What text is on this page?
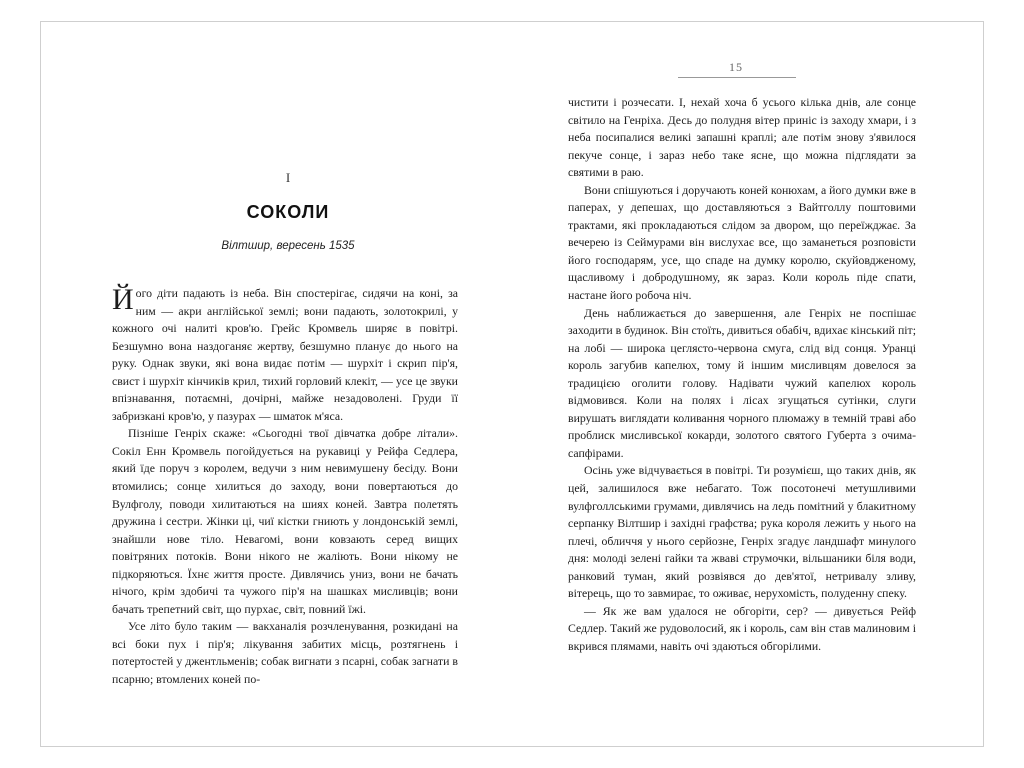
15
I
СОКОЛИ
Вілтшир, вересень 1535

Його діти падають із неба. Він спостерігає, сидячи на коні, за ним — акри англійської землі; вони падають, золотокрилі, у кожного очі налиті кров'ю. Грейс Кромвель ширяє в повітрі. Безшумно вона наздоганяє жертву, безшумно планує до нього на руку. Однак звуки, які вона видає потім — шурхіт і скрип пір'я, свист і шурхіт кінчиків крил, тихий горловий клекіт, — усе це звуки впізнавання, потаємні, дочірні, майже незадоволені. Груди її забризкані кров'ю, у пазурах — шматок м'яса.

Пізніше Генріх скаже: «Сьогодні твої дівчатка добре літали». Сокіл Енн Кромвель погойдується на рукавиці у Рейфа Седлера, який їде поруч з королем, ведучи з ним невимушену бесіду. Вони втомились; сонце хилиться до заходу, вони повертаються до Вулфголу, поводи хилитаються на шиях коней. Завтра полетять дружина і сестри. Жінки ці, чиї кістки гниють у лондонській землі, знайшли нове тіло. Невагомі, вони ковзають серед вищих повітряних потоків. Вони нікого не жаліють. Вони нікому не підкоряються. Їхнє життя просте. Дивлячись униз, вони не бачать нічого, крім здобичі та чужого пір'я на шашках мисливців; вони бачать трепетний світ, що пурхає, світ, повний їжі.

Усе літо було таким — вакханалія розчленування, розкидані на всі боки пух і пір'я; лікування забитих місць, розтягнень і потертостей у джентльменів; собак вигнати з псарні, собак загнати в псарню; втомлених коней по-

чистити і розчесати. І, нехай хоча б усього кілька днів, але сонце світило на Генріха. Десь до полудня вітер приніс із заходу хмари, і з неба посипалися великі запашні краплі; але потім знову з'явилося пекуче сонце, і зараз небо таке ясне, що можна підглядати за святими в раю.

Вони спішуються і доручають коней конюхам, а його думки вже в паперах, у депешах, що доставляються з Вайтголлу поштовими трактами, які прокладаються слідом за двором, що переїжджає. За вечерею із Сеймурами він вислухає все, що заманеться розповісти його господарям, усе, що спаде на думку королю, скуйовдженому, щасливому і добродушному, як зараз. Коли король піде спати, настане його робоча ніч.

День наближається до завершення, але Генріх не поспішає заходити в будинок. Він стоїть, дивиться обабіч, вдихає кінський піт; на лобі — широка цеглясто-червона смуга, слід від сонця. Уранці король загубив капелюх, тому й іншим мисливцям довелося за традицією оголити голову. Надівати чужий капелюх король відмовився. Коли на полях і лісах згущаться сутінки, слуги вирушать виглядати коливання чорного плюмажу в темній траві або проблиск мисливської кокарди, золотого святого Губерта з очима-сапфірами.

Осінь уже відчувається в повітрі. Ти розумієш, що таких днів, як цей, залишилося вже небагато. Тож посотонечі метушливими вулфголлськими грумами, дивлячись на ледь помітний у блакитному серпанку Вілтшир і західні графства; рука короля лежить у нього на плечі, обличчя у нього серйозне, Генріх згадує ландшафт минулого дня: молоді зелені гайки та жваві струмочки, вільшаники біля води, ранковий туман, який розвіявся до дев'ятої, нетривалу зливу, вітерець, що то завмирає, то оживає, нерухомість, полуденну спеку.

— Як же вам удалося не обгоріти, сер? — дивується Рейф Седлер. Такий же рудоволосий, як і король, сам він став малиновим і вкрився плямами, навіть очі здаються обгорілими.
